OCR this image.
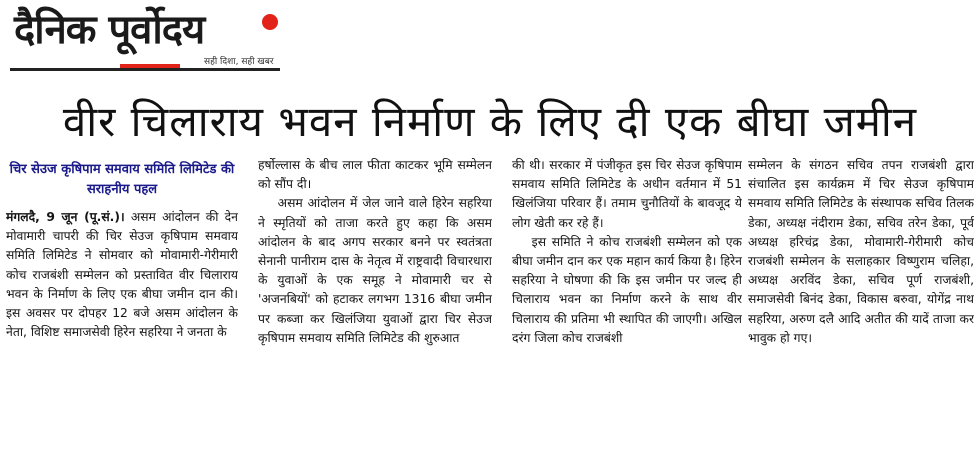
दैनिक पूर्वोदय
सही दिशा, सही खबर
वीर चिलाराय भवन निर्माण के लिए दी एक बीघा जमीन
चिर सेउज कृषिपाम समवाय समिति लिमिटेड की सराहनीय पहल

मंगलदै, 9 जून (पू.सं.)। असम आंदोलन की देन मोवामारी चापरी की चिर सेउज कृषिपाम समवाय समिति लिमिटेड ने सोमवार को मोवामारी-गेरीमारी कोच राजबंशी सम्मेलन को प्रस्तावित वीर चिलाराय भवन के निर्माण के लिए एक बीघा जमीन दान की। इस अवसर पर दोपहर 12 बजे असम आंदोलन के नेता, विशिष्ट समाजसेवी हिरेन सहरिया ने जनता के

हर्षोल्लास के बीच लाल फीता काटकर भूमि सम्मेलन को सौंप दी।

असम आंदोलन में जेल जाने वाले हिरेन सहरिया ने स्मृतियों को ताजा करते हुए कहा कि असम आंदोलन के बाद अगप सरकार बनने पर स्वतंत्रता सेनानी पानीराम दास के नेतृत्व में राष्ट्रवादी विचारधारा के युवाओं के एक समूह ने मोवामारी चर से 'अजनबियों' को हटाकर लगभग 1316 बीघा जमीन पर कब्जा कर खिलंजिया युवाओं द्वारा चिर सेउज कृषिपाम समवाय समिति लिमिटेड की शुरुआत

की थी। सरकार में पंजीकृत इस चिर सेउज कृषिपाम समवाय समिति लिमिटेड के अधीन वर्तमान में 51 खिलंजिया परिवार हैं। तमाम चुनौतियों के बावजूद ये लोग खेती कर रहे हैं।

इस समिति ने कोच राजबंशी सम्मेलन को एक बीघा जमीन दान कर एक महान कार्य किया है। हिरेन सहरिया ने घोषणा की कि इस जमीन पर जल्द ही चिलाराय भवन का निर्माण करने के साथ वीर चिलाराय की प्रतिमा भी स्थापित की जाएगी। अखिल दरंग जिला कोच राजबंशी

सम्मेलन के संगठन सचिव तपन राजबंशी द्वारा संचालित इस कार्यक्रम में चिर सेउज कृषिपाम समवाय समिति लिमिटेड के संस्थापक सचिव तिलक डेका, अध्यक्ष नंदीराम डेका, सचिव तरेन डेका, पूर्व अध्यक्ष हरिचंद्र डेका, मोवामारी-गेरीमारी कोच राजबंशी सम्मेलन के सलाहकार विष्णुराम चलिहा, अध्यक्ष अरविंद डेका, सचिव पूर्ण राजबंशी, समाजसेवी बिनंद डेका, विकास बरुवा, योगेंद्र नाथ सहरिया, अरुण दलै आदि अतीत की यादें ताजा कर भावुक हो गए।
